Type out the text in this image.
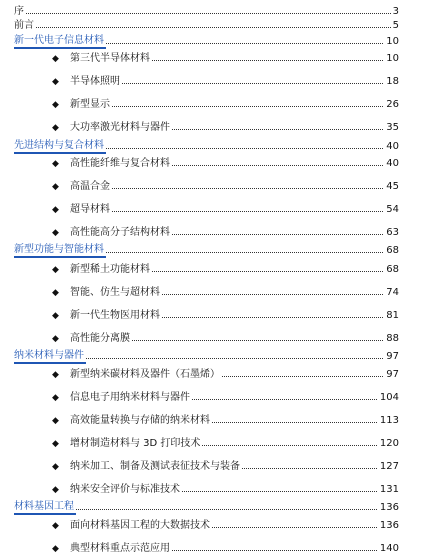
序	3
前言	5
新一代电子信息材料	10
◆ 第三代半导体材料	10
◆ 半导体照明	18
◆ 新型显示	26
◆ 大功率激光材料与器件	35
先进结构与复合材料	40
◆ 高性能纤维与复合材料	40
◆ 高温合金	45
◆ 超导材料	54
◆ 高性能高分子结构材料	63
新型功能与智能材料	68
◆ 新型稀土功能材料	68
◆ 智能、仿生与超材料	74
◆ 新一代生物医用材料	81
◆ 高性能分离膜	88
纳米材料与器件	97
◆ 新型纳米碳材料及器件（石墨烯）	97
◆ 信息电子用纳米材料与器件	104
◆ 高效能量转换与存储的纳米材料	113
◆ 增材制造材料与 3D 打印技术	120
◆ 纳米加工、制备及测试表征技术与装备	127
◆ 纳米安全评价与标准技术	131
材料基因工程	136
◆ 面向材料基因工程的大数据技术	136
◆ 典型材料重点示范应用	140
